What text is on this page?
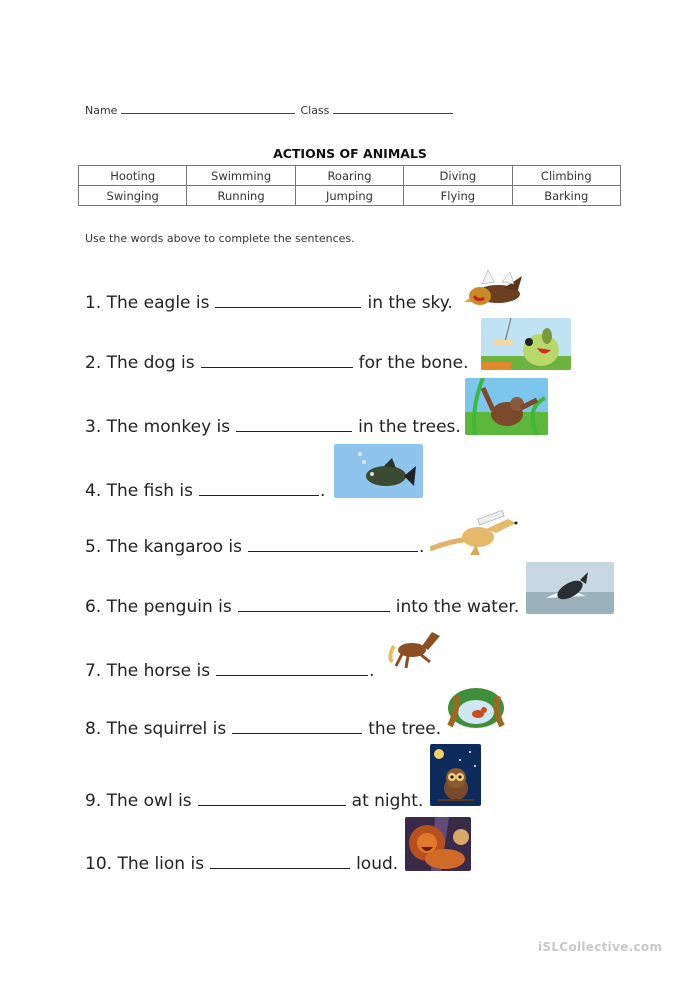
Name	Class
ACTIONS OF ANIMALS
Hooting	Swimming	Roaring	Diving	Climbing
Swinging	Running	Jumping	Flying	Barking
Use the words above to complete the sentences.
1. The eagle is	in the sky.
2. The dog is	for the bone.
3. The monkey is	in the trees.
4. The fish is	.
5. The kangaroo is	.
6. The penguin is	into the water.
7. The horse is	.
8. The squirrel is	the tree.
9. The owl is	at night.
10. The lion is	loud.
iSLCollective.com
